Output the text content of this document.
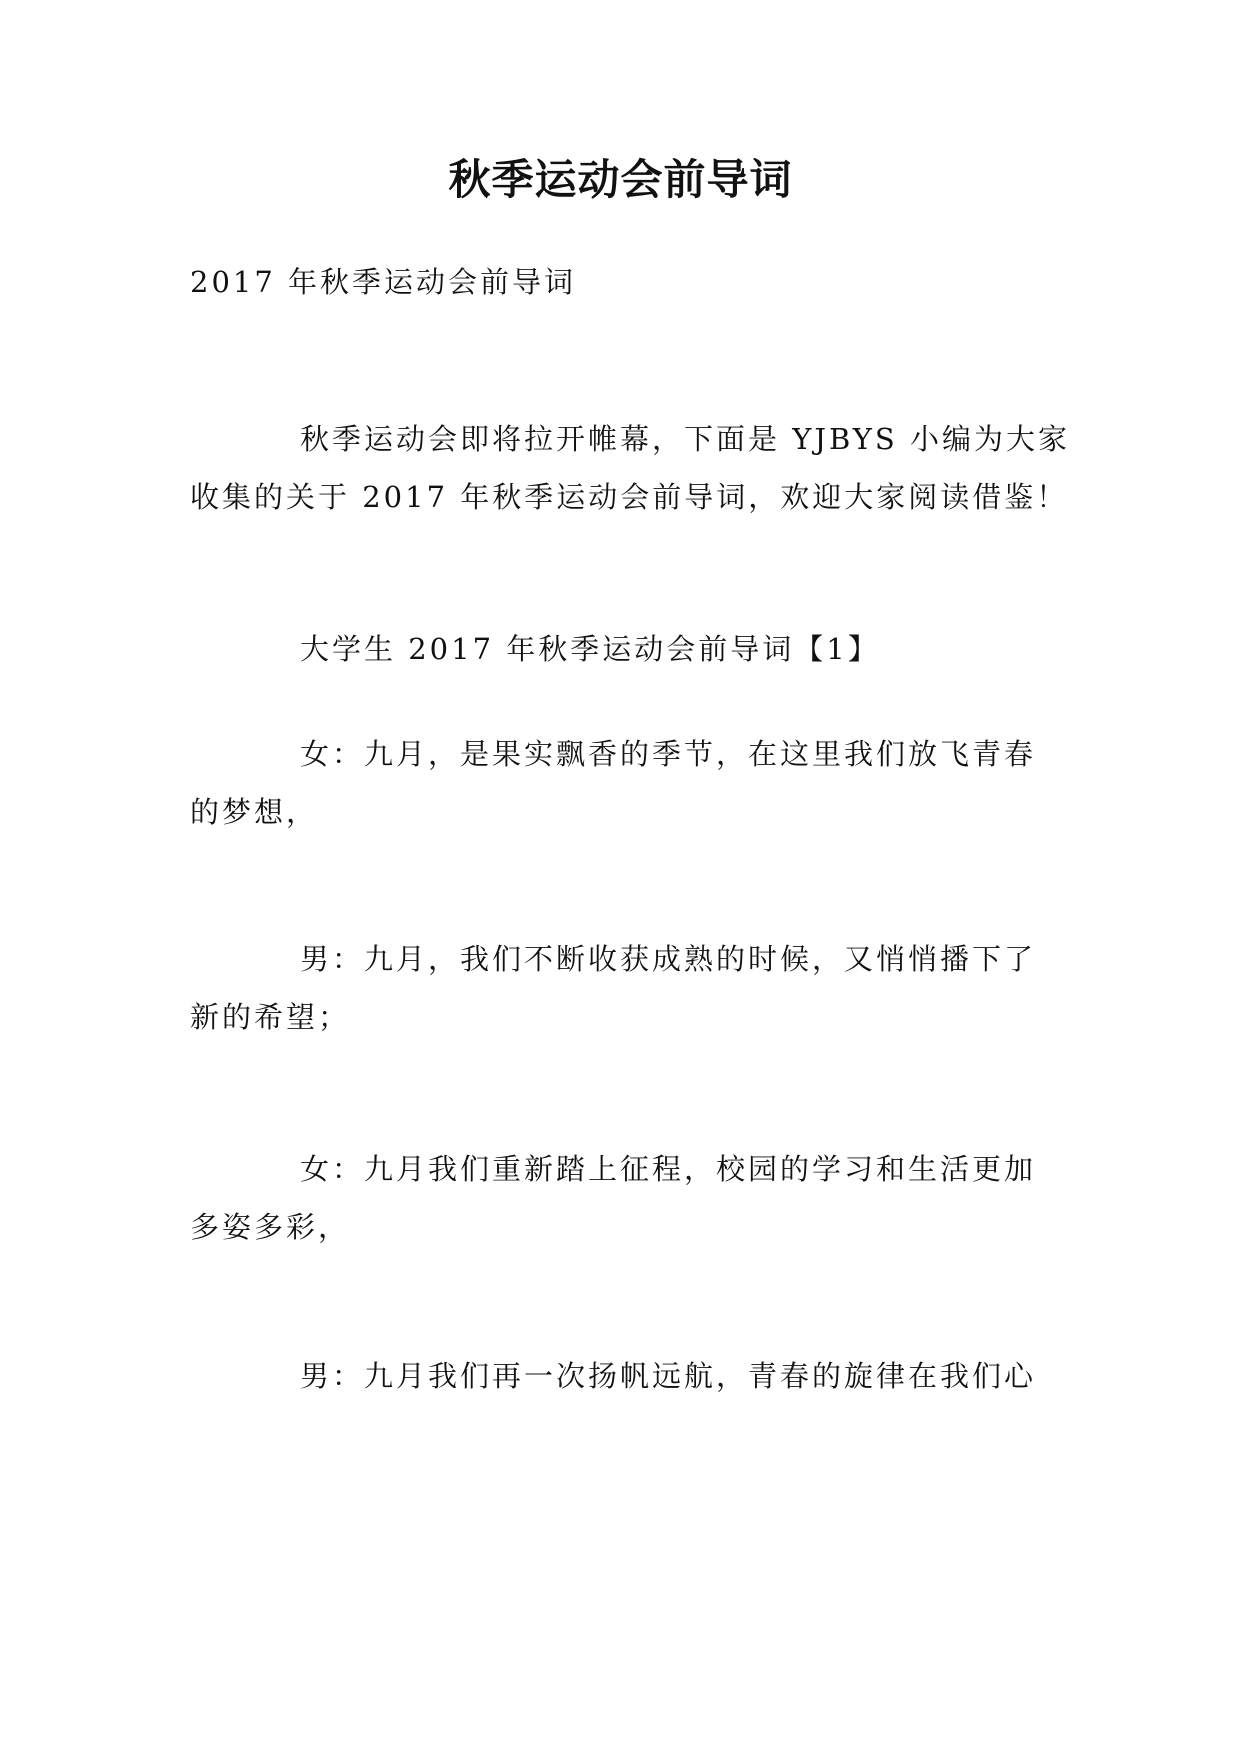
秋季运动会前导词
2017 年秋季运动会前导词
秋季运动会即将拉开帷幕，下面是 YJBYS 小编为大家
收集的关于 2017 年秋季运动会前导词，欢迎大家阅读借鉴！
大学生 2017 年秋季运动会前导词【1】
女：九月，是果实飘香的季节，在这里我们放飞青春
的梦想，
男：九月，我们不断收获成熟的时候，又悄悄播下了
新的希望；
女：九月我们重新踏上征程，校园的学习和生活更加
多姿多彩，
男：九月我们再一次扬帆远航，青春的旋律在我们心
